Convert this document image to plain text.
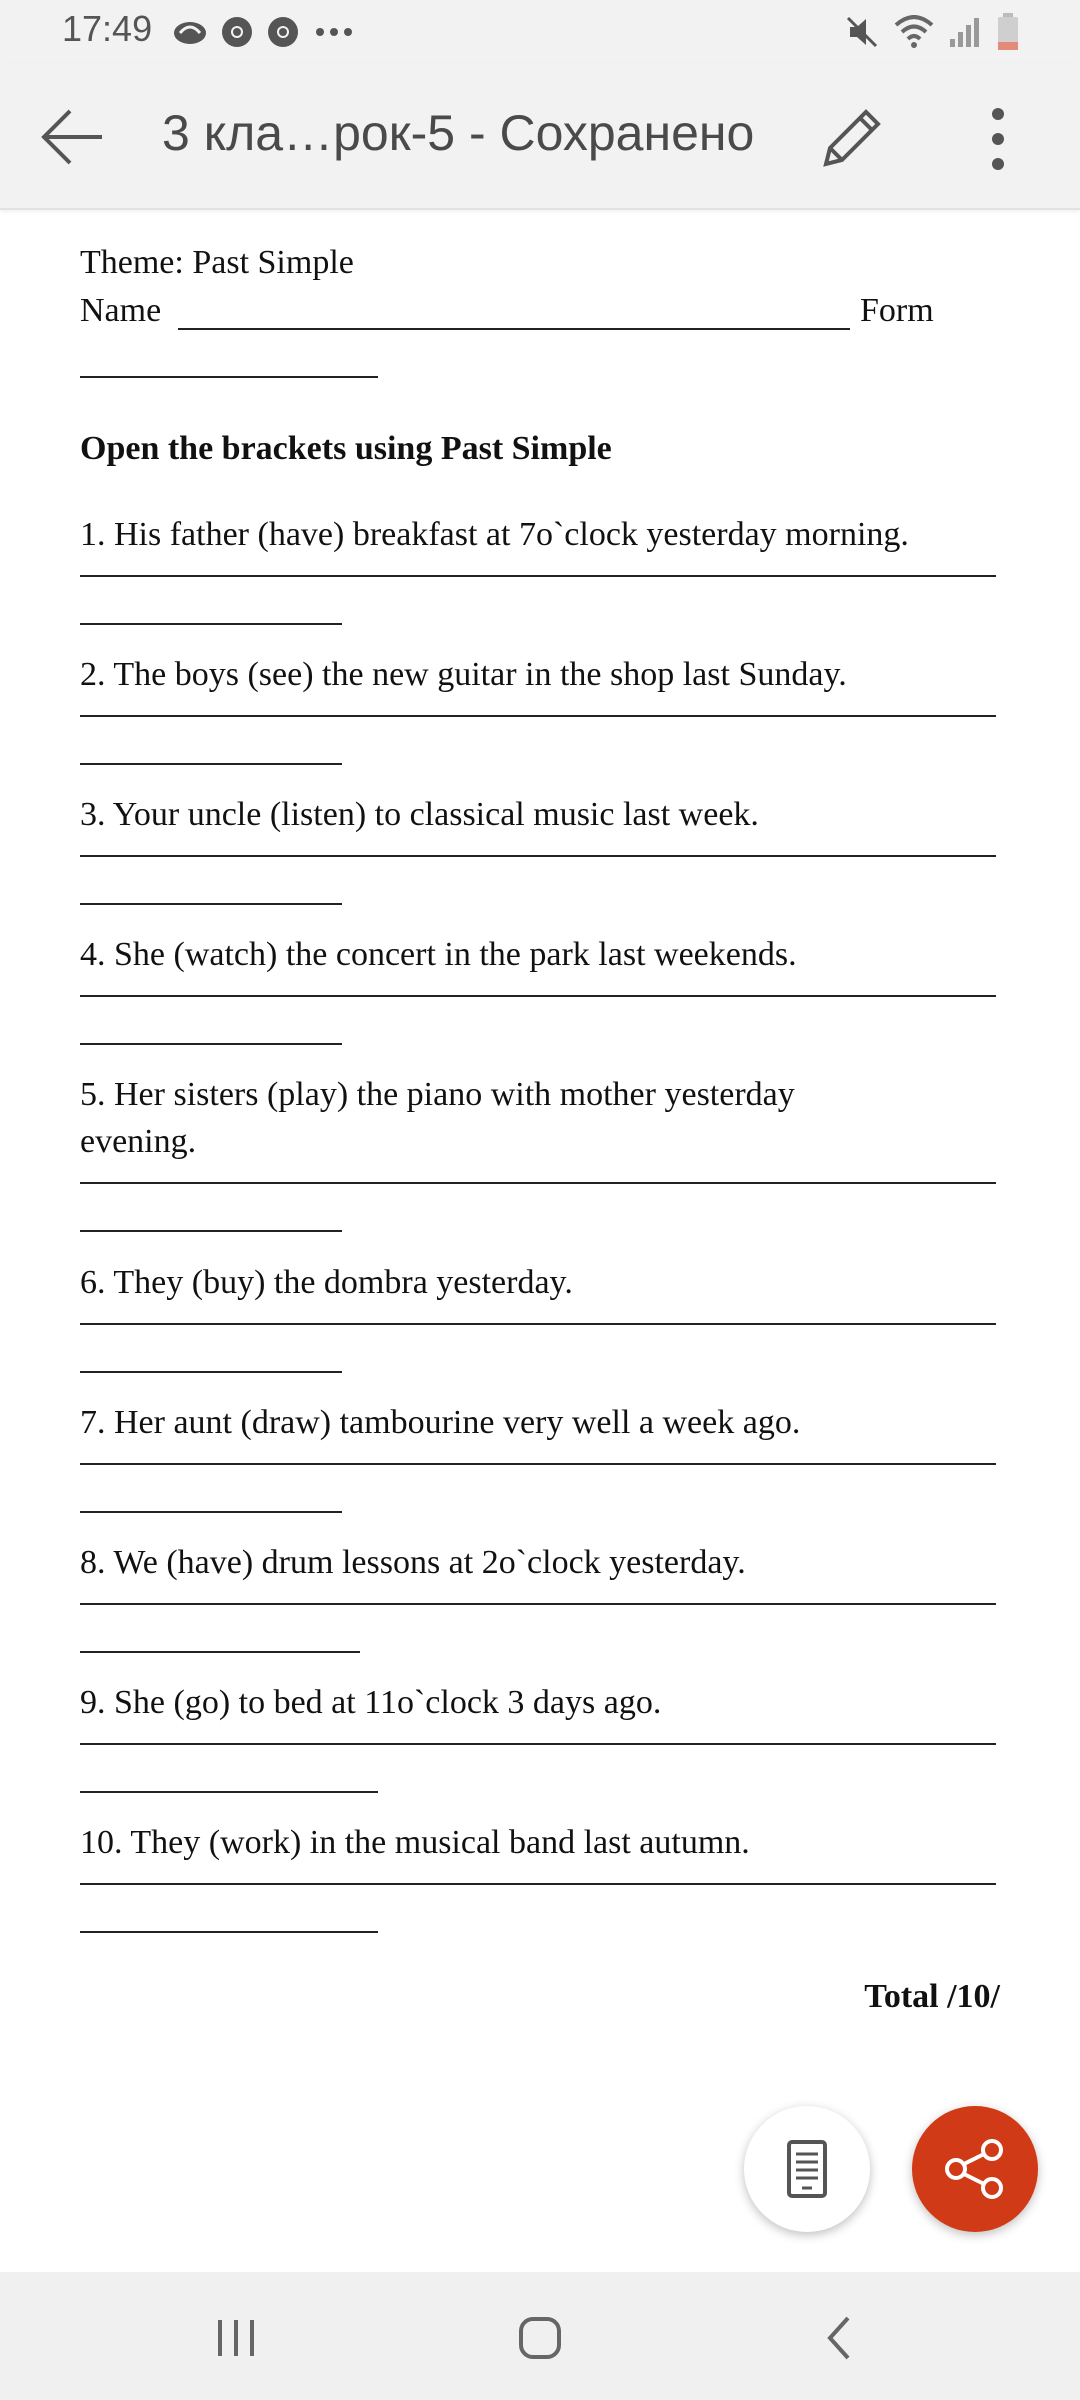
17:49
3 кла…рок-5 - Сохранено
Theme: Past Simple
Name	Form
Open the brackets using Past Simple
1. His father (have) breakfast at 7o`clock yesterday morning.
2. The boys (see) the new guitar in the shop last Sunday.
3. Your uncle (listen) to classical music last week.
4. She (watch) the concert in the park last weekends.
5. Her sisters (play) the piano with mother yesterday
evening.
6. They (buy) the dombra yesterday.
7. Her aunt (draw) tambourine very well a week ago.
8. We (have) drum lessons at 2o`clock yesterday.
9. She (go) to bed at 11o`clock 3 days ago.
10. They (work) in the musical band last autumn.
Total /10/
